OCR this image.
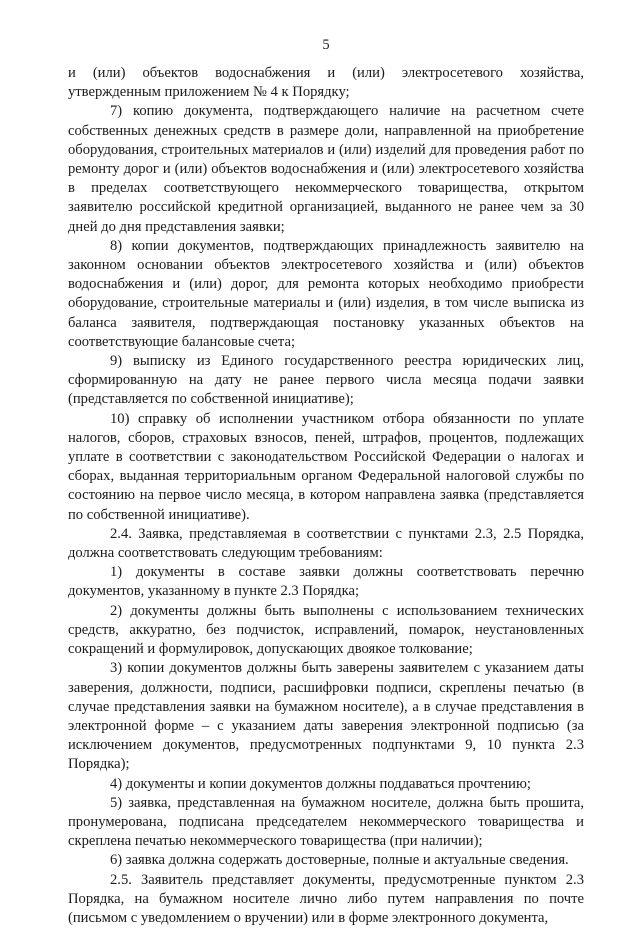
5

и (или) объектов водоснабжения и (или) электросетевого хозяйства, утвержденным приложением № 4 к Порядку;

7) копию документа, подтверждающего наличие на расчетном счете собственных денежных средств в размере доли, направленной на приобретение оборудования, строительных материалов и (или) изделий для проведения работ по ремонту дорог и (или) объектов водоснабжения и (или) электросетевого хозяйства в пределах соответствующего некоммерческого товарищества, открытом заявителю российской кредитной организацией, выданного не ранее чем за 30 дней до дня представления заявки;

8) копии документов, подтверждающих принадлежность заявителю на законном основании объектов электросетевого хозяйства и (или) объектов водоснабжения и (или) дорог, для ремонта которых необходимо приобрести оборудование, строительные материалы и (или) изделия, в том числе выписка из баланса заявителя, подтверждающая постановку указанных объектов на соответствующие балансовые счета;

9) выписку из Единого государственного реестра юридических лиц, сформированную на дату не ранее первого числа месяца подачи заявки (представляется по собственной инициативе);

10) справку об исполнении участником отбора обязанности по уплате налогов, сборов, страховых взносов, пеней, штрафов, процентов, подлежащих уплате в соответствии с законодательством Российской Федерации о налогах и сборах, выданная территориальным органом Федеральной налоговой службы по состоянию на первое число месяца, в котором направлена заявка (представляется по собственной инициативе).

2.4. Заявка, представляемая в соответствии с пунктами 2.3, 2.5 Порядка, должна соответствовать следующим требованиям:

1) документы в составе заявки должны соответствовать перечню документов, указанному в пункте 2.3 Порядка;

2) документы должны быть выполнены с использованием технических средств, аккуратно, без подчисток, исправлений, помарок, неустановленных сокращений и формулировок, допускающих двоякое толкование;

3) копии документов должны быть заверены заявителем с указанием даты заверения, должности, подписи, расшифровки подписи, скреплены печатью (в случае представления заявки на бумажном носителе), а в случае представления в электронной форме – с указанием даты заверения электронной подписью (за исключением документов, предусмотренных подпунктами 9, 10 пункта 2.3 Порядка);

4) документы и копии документов должны поддаваться прочтению;

5) заявка, представленная на бумажном носителе, должна быть прошита, пронумерована, подписана председателем некоммерческого товарищества и скреплена печатью некоммерческого товарищества (при наличии);

6) заявка должна содержать достоверные, полные и актуальные сведения.

2.5. Заявитель представляет документы, предусмотренные пунктом 2.3 Порядка, на бумажном носителе лично либо путем направления по почте (письмом с уведомлением о вручении) или в форме электронного документа,
